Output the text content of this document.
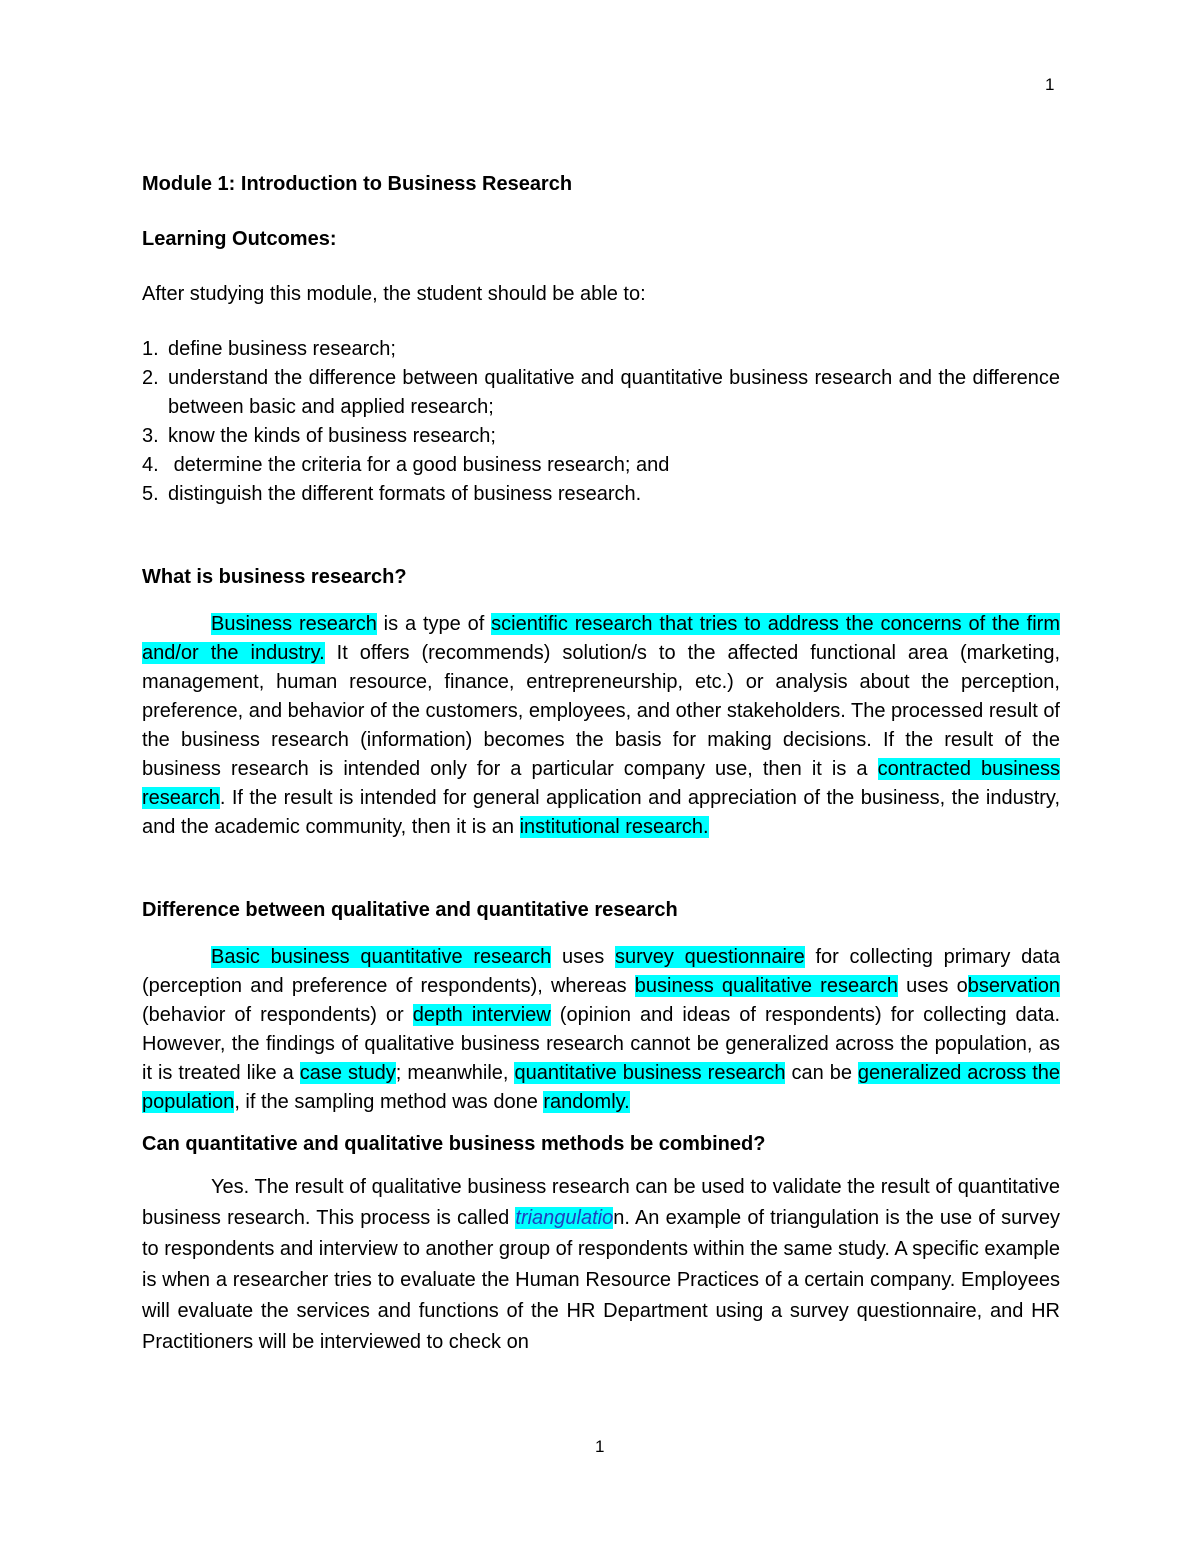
1

Module 1: Introduction to Business Research

Learning Outcomes:

After studying this module, the student should be able to:

1. define business research;
2. understand the difference between qualitative and quantitative business research and the difference between basic and applied research;
3. know the kinds of business research;
4. determine the criteria for a good business research; and
5. distinguish the different formats of business research.

What is business research?

Business research is a type of scientific research that tries to address the concerns of the firm and/or the industry. It offers (recommends) solution/s to the affected functional area (marketing, management, human resource, finance, entrepreneurship, etc.) or analysis about the perception, preference, and behavior of the customers, employees, and other stakeholders. The processed result of the business research (information) becomes the basis for making decisions. If the result of the business research is intended only for a particular company use, then it is a contracted business research. If the result is intended for general application and appreciation of the business, the industry, and the academic community, then it is an institutional research.

Difference between qualitative and quantitative research

Basic business quantitative research uses survey questionnaire for collecting primary data (perception and preference of respondents), whereas business qualitative research uses observation (behavior of respondents) or depth interview (opinion and ideas of respondents) for collecting data. However, the findings of qualitative business research cannot be generalized across the population, as it is treated like a case study; meanwhile, quantitative business research can be generalized across the population, if the sampling method was done randomly.

Can quantitative and qualitative business methods be combined?

Yes. The result of qualitative business research can be used to validate the result of quantitative business research. This process is called triangulation. An example of triangulation is the use of survey to respondents and interview to another group of respondents within the same study. A specific example is when a researcher tries to evaluate the Human Resource Practices of a certain company. Employees will evaluate the services and functions of the HR Department using a survey questionnaire, and HR Practitioners will be interviewed to check on

1
